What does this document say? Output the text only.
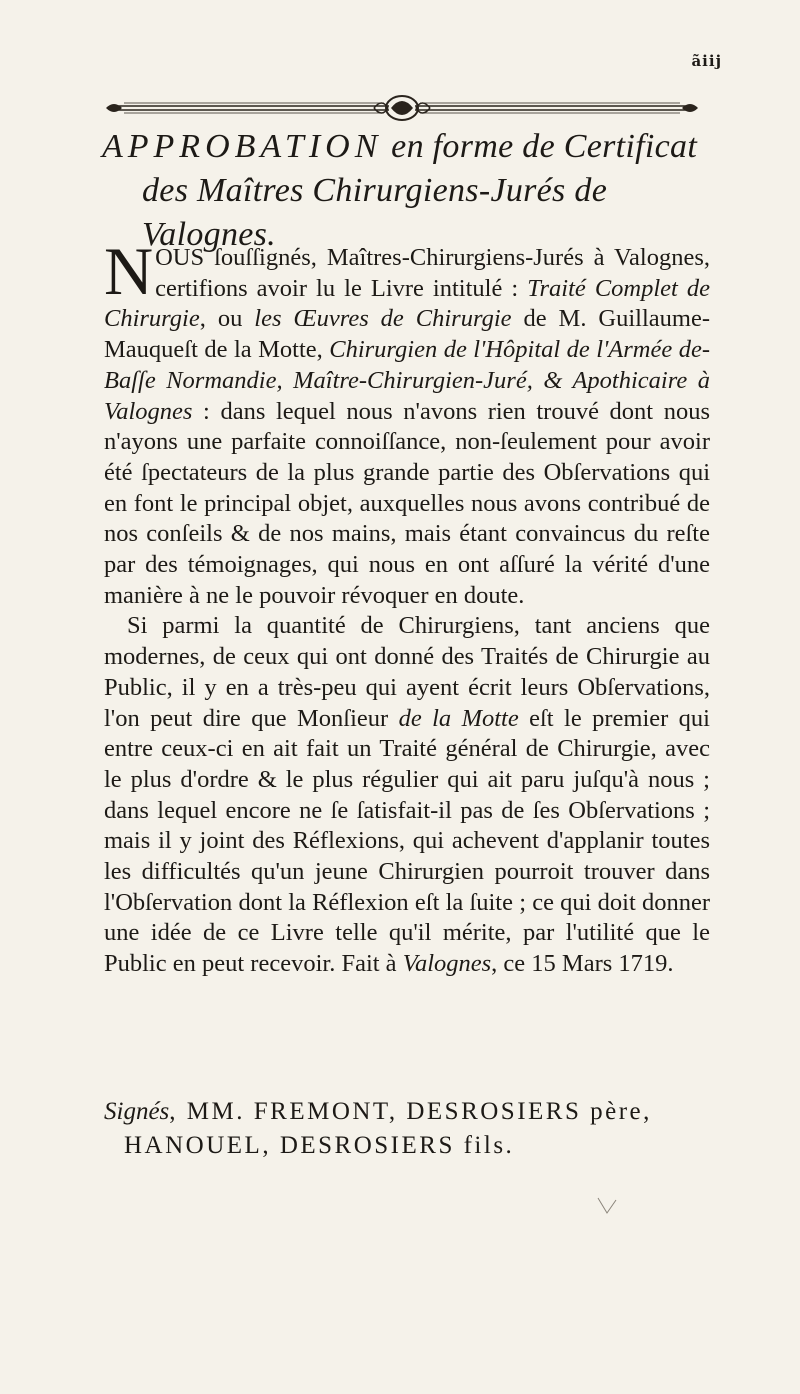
ãiij
APPROBATION en forme de Certificat
des Maîtres Chirurgiens-Jurés de Valognes.

NOUS ſouſſignés, Maîtres-Chirurgiens-Jurés à Valognes, certifions avoir lu le Livre intitulé : Traité Complet de Chirurgie, ou les Œuvres de Chirurgie de M. Guillaume-Mauqueſt de la Motte, Chirurgien de l'Hôpital de l'Armée de-Baſſe Normandie, Maître-Chirurgien-Juré, & Apothicaire à Valognes : dans lequel nous n'avons rien trouvé dont nous n'ayons une parfaite connoiſſance, non-ſeulement pour avoir été ſpectateurs de la plus grande partie des Obſervations qui en font le principal objet, auxquelles nous avons contribué de nos conſeils & de nos mains, mais étant convaincus du reſte par des témoignages, qui nous en ont aſſuré la vérité d'une manière à ne le pouvoir révoquer en doute.

Si parmi la quantité de Chirurgiens, tant anciens que modernes, de ceux qui ont donné des Traités de Chirurgie au Public, il y en a très-peu qui ayent écrit leurs Obſervations, l'on peut dire que Monſieur de la Motte eſt le premier qui entre ceux-ci en ait fait un Traité général de Chirurgie, avec le plus d'ordre & le plus régulier qui ait paru juſqu'à nous ; dans lequel encore ne ſe ſatisfait-il pas de ſes Obſervations ; mais il y joint des Réflexions, qui achevent d'applanir toutes les difficultés qu'un jeune Chirurgien pourroit trouver dans l'Obſervation dont la Réflexion eſt la ſuite ; ce qui doit donner une idée de ce Livre telle qu'il mérite, par l'utilité que le Public en peut recevoir. Fait à Valognes, ce 15 Mars 1719.

Signés, MM. FREMONT, DESROSIERS père,
HANOUEL, DESROSIERS fils.
